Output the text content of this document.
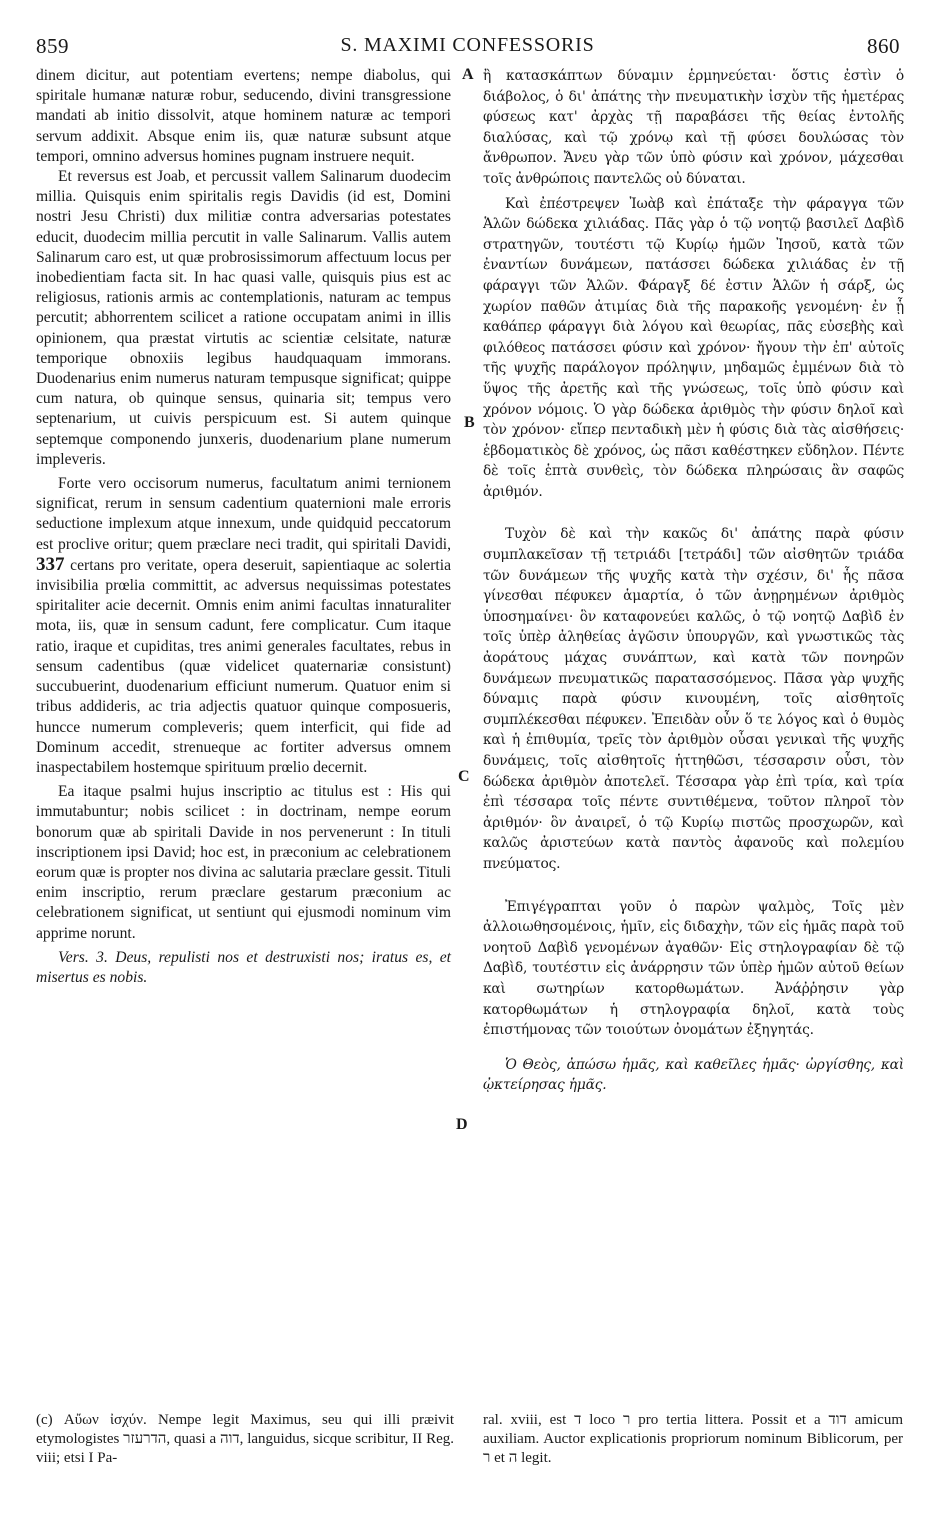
859	S. MAXIMI CONFESSORIS	860
A
B
C
D

dinem dicitur, aut potentiam evertens; nempe diabolus, qui spiritale humanæ naturæ robur, seducendo, divini transgressione mandati ab initio dissolvit, atque hominem naturæ ac tempori servum addixit. Absque enim iis, quæ naturæ subsunt atque tempori, omnino adversus homines pugnam instruere nequit.

Et reversus est Joab, et percussit vallem Salinarum duodecim millia. Quisquis enim spiritalis regis Davidis (id est, Domini nostri Jesu Christi) dux militiæ contra adversarias potestates educit, duodecim millia percutit in valle Salinarum. Vallis autem Salinarum caro est, ut quæ probrosissimorum affectuum locus per inobedientiam facta sit. In hac quasi valle, quisquis pius est ac religiosus, rationis armis ac contemplationis, naturam ac tempus percutit; abhorrentem scilicet a ratione occupatam animi in illis opinionem, qua præstat virtutis ac scientiæ celsitate, naturæ temporique obnoxiis legibus haudquaquam immorans. Duodenarius enim numerus naturam tempusque significat; quippe cum natura, ob quinque sensus, quinaria sit; tempus vero septenarium, ut cuivis perspicuum est. Si autem quinque septemque componendo junxeris, duodenarium plane numerum impleveris.

Forte vero occisorum numerus, facultatum animi ternionem significat, rerum in sensum cadentium quaternioni male erroris seductione implexum atque innexum, unde quidquid peccatorum est proclive oritur; quem præclare neci tradit, qui spiritali Davidi, 337 certans pro veritate, opera deseruit, sapientiaque ac solertia invisibilia prœlia committit, ac adversus nequissimas potestates spiritaliter acie decernit. Omnis enim animi facultas innaturaliter mota, iis, quæ in sensum cadunt, fere complicatur. Cum itaque ratio, iraque et cupiditas, tres animi generales facultates, rebus in sensum cadentibus (quæ videlicet quaternariæ consistunt) succubuerint, duodenarium efficiunt numerum. Quatuor enim si tribus addideris, ac tria adjectis quatuor quinque composueris, huncce numerum compleveris; quem interficit, qui fide ad Dominum accedit, strenueque ac fortiter adversus omnem inaspectabilem hostemque spirituum prœlio decernit.

Ea itaque psalmi hujus inscriptio ac titulus est : His qui immutabuntur; nobis scilicet : in doctrinam, nempe eorum bonorum quæ ab spiritali Davide in nos pervenerunt : In tituli inscriptionem ipsi David; hoc est, in præconium ac celebrationem eorum quæ is propter nos divina ac salutaria præclare gessit. Tituli enim inscriptio, rerum præclare gestarum præconium ac celebrationem significat, ut sentiunt qui ejusmodi nominum vim apprime norunt.

Vers. 3. Deus, repulisti nos et destruxisti nos; iratus es, et misertus es nobis.

ἢ κατασκάπτων δύναμιν ἑρμηνεύεται· ὅστις ἐστὶν ὁ διάβολος, ὁ δι' ἀπάτης τὴν πνευματικὴν ἰσχὺν τῆς ἡμετέρας φύσεως κατ' ἀρχὰς τῇ παραβάσει τῆς θείας ἐντολῆς διαλύσας, καὶ τῷ χρόνῳ καὶ τῇ φύσει δουλώσας τὸν ἄνθρωπον. Ἄνευ γὰρ τῶν ὑπὸ φύσιν καὶ χρόνον, μάχεσθαι τοῖς ἀνθρώποις παντελῶς οὐ δύναται.

Καὶ ἐπέστρεψεν Ἰωὰβ καὶ ἐπάταξε τὴν φάραγγα τῶν Ἁλῶν δώδεκα χιλιάδας. Πᾶς γὰρ ὁ τῷ νοητῷ βασιλεῖ Δαβὶδ στρατηγῶν, τουτέστι τῷ Κυρίῳ ἡμῶν Ἰησοῦ, κατὰ τῶν ἐναντίων δυνάμεων, πατάσσει δώδεκα χιλιάδας ἐν τῇ φάραγγι τῶν Ἁλῶν. Φάραγξ δέ ἐστιν Ἁλῶν ἡ σάρξ, ὡς χωρίον παθῶν ἀτιμίας διὰ τῆς παρακοῆς γενομένη· ἐν ᾗ καθάπερ φάραγγι διὰ λόγου καὶ θεωρίας, πᾶς εὐσεβὴς καὶ φιλόθεος πατάσσει φύσιν καὶ χρόνον· ἤγουν τὴν ἐπ' αὐτοῖς τῆς ψυχῆς παράλογον πρόληψιν, μηδαμῶς ἐμμένων διὰ τὸ ὕψος τῆς ἀρετῆς καὶ τῆς γνώσεως, τοῖς ὑπὸ φύσιν καὶ χρόνον νόμοις. Ὁ γὰρ δώδεκα ἀριθμὸς τὴν φύσιν δηλοῖ καὶ τὸν χρόνον· εἴπερ πενταδικὴ μὲν ἡ φύσις διὰ τὰς αἰσθήσεις· ἑβδοματικὸς δὲ χρόνος, ὡς πᾶσι καθέστηκεν εὔδηλον. Πέντε δὲ τοῖς ἑπτὰ συνθεὶς, τὸν δώδεκα πληρώσαις ἂν σαφῶς ἀριθμόν.

Τυχὸν δὲ καὶ τὴν κακῶς δι' ἀπάτης παρὰ φύσιν συμπλακεῖσαν τῇ τετριάδι [τετράδι] τῶν αἰσθητῶν τριάδα τῶν δυνάμεων τῆς ψυχῆς κατὰ τὴν σχέσιν, δι' ἧς πᾶσα γίνεσθαι πέφυκεν ἁμαρτία, ὁ τῶν ἀνῃρημένων ἀριθμὸς ὑποσημαίνει· ὃν καταφονεύει καλῶς, ὁ τῷ νοητῷ Δαβὶδ ἐν τοῖς ὑπὲρ ἀληθείας ἀγῶσιν ὑπουργῶν, καὶ γνωστικῶς τὰς ἀοράτους μάχας συνάπτων, καὶ κατὰ τῶν πονηρῶν δυνάμεων πνευματικῶς παρατασσόμενος. Πᾶσα γὰρ ψυχῆς δύναμις παρὰ φύσιν κινουμένη, τοῖς αἰσθητοῖς συμπλέκεσθαι πέφυκεν. Ἐπειδὰν οὖν ὅ τε λόγος καὶ ὁ θυμὸς καὶ ἡ ἐπιθυμία, τρεῖς τὸν ἀριθμὸν οὖσαι γενικαὶ τῆς ψυχῆς δυνάμεις, τοῖς αἰσθητοῖς ἡττηθῶσι, τέσσαρσιν οὖσι, τὸν δώδεκα ἀριθμὸν ἀποτελεῖ. Τέσσαρα γὰρ ἐπὶ τρία, καὶ τρία ἐπὶ τέσσαρα τοῖς πέντε συντιθέμενα, τοῦτον πληροῖ τὸν ἀριθμόν· ὃν ἀναιρεῖ, ὁ τῷ Κυρίῳ πιστῶς προσχωρῶν, καὶ καλῶς ἀριστεύων κατὰ παντὸς ἀφανοῦς καὶ πολεμίου πνεύματος.

Ἐπιγέγραπται γοῦν ὁ παρὼν ψαλμὸς, Τοῖς μὲν ἀλλοιωθησομένοις, ἡμῖν, εἰς διδαχὴν, τῶν εἰς ἡμᾶς παρὰ τοῦ νοητοῦ Δαβὶδ γενομένων ἀγαθῶν· Εἰς στηλογραφίαν δὲ τῷ Δαβὶδ, τουτέστιν εἰς ἀνάρρησιν τῶν ὑπὲρ ἡμῶν αὐτοῦ θείων καὶ σωτηρίων κατορθωμάτων. Ἀνάῤῥησιν γὰρ κατορθωμάτων ἡ στηλογραφία δηλοῖ, κατὰ τοὺς ἐπιστήμονας τῶν τοιούτων ὀνομάτων ἐξηγητάς.

Ὁ Θεὸς, ἀπώσω ἡμᾶς, καὶ καθεῖλες ἡμᾶς· ὠργίσθης, καὶ ᾠκτείρησας ἡμᾶς.

(c) Αὔων ἰσχύν. Nempe legit Maximus, seu qui illi præivit etymologistes הדרעזר, quasi a דוה, languidus, sicque scribitur, II Reg. viii; etsi I Pa-
ral. xviii, est ד loco ר pro tertia littera. Possit et a דוד amicum auxiliam. Auctor explicationis propriorum nominum Biblicorum, per ר et ה legit.
